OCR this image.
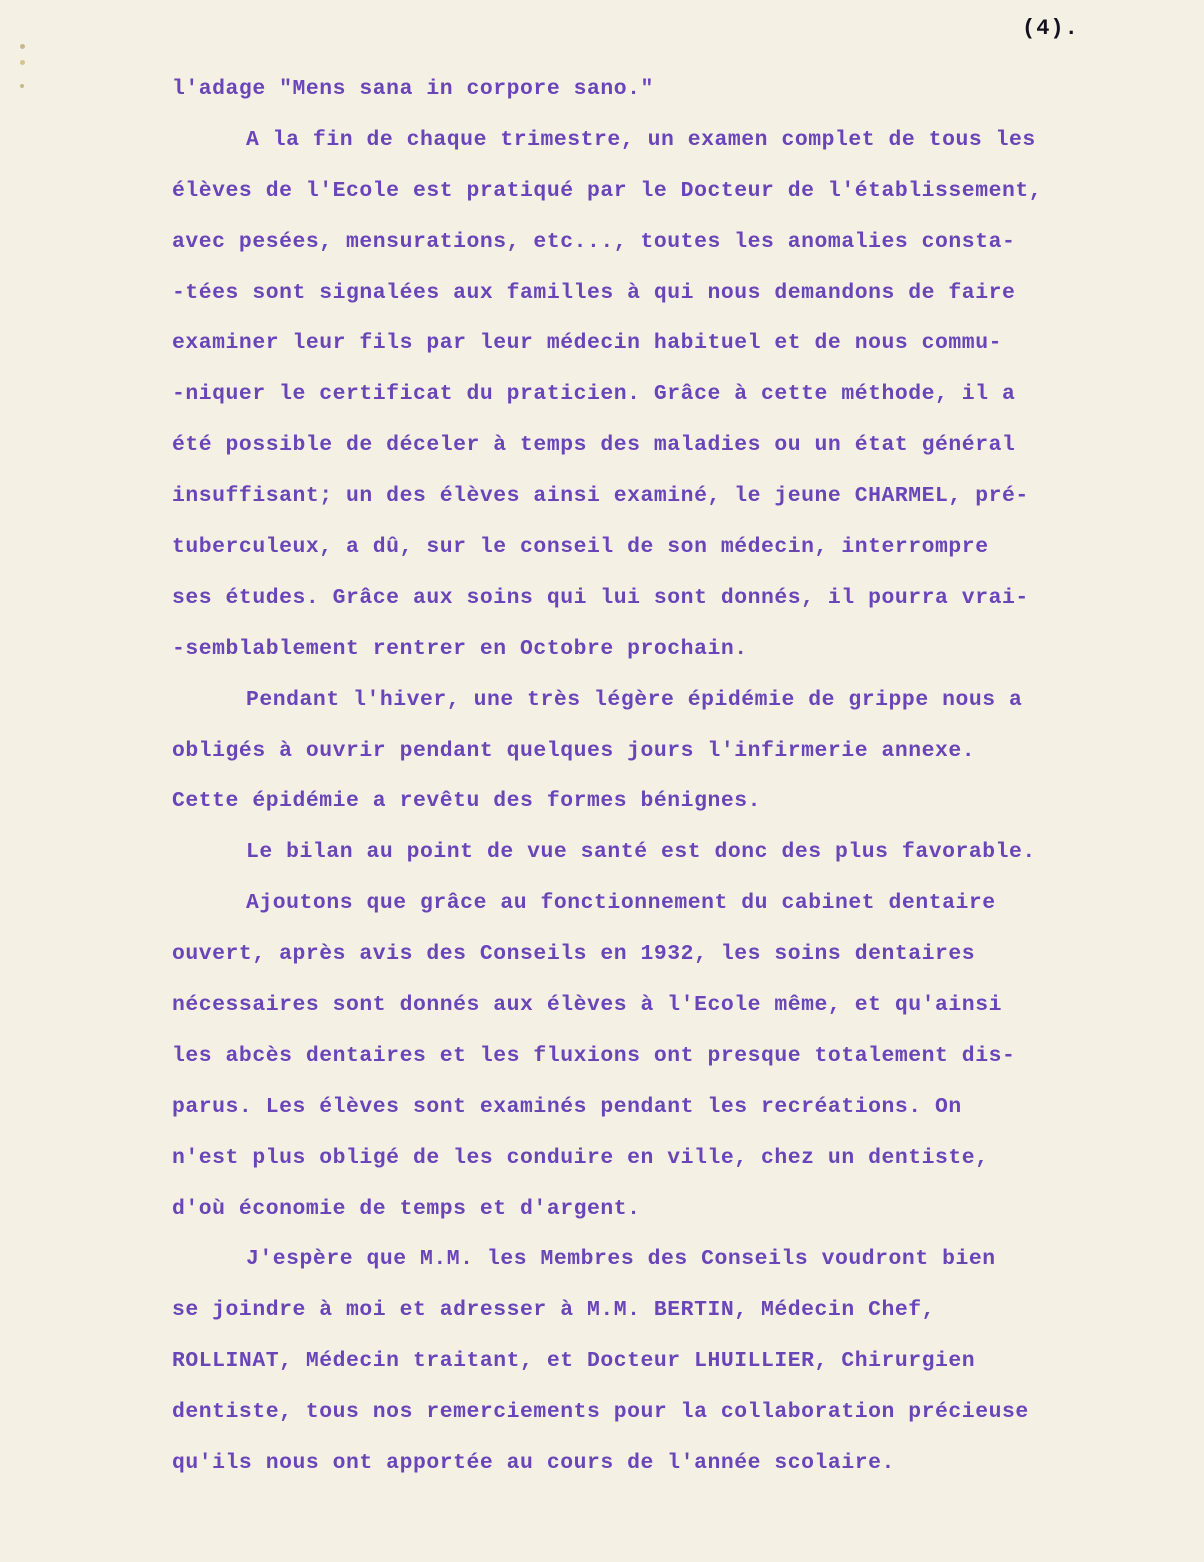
(4).
l'adage "Mens sana in corpore sano."
A la fin de chaque trimestre, un examen complet de tous les
élèves de l'Ecole est pratiqué par le Docteur de l'établissement,
avec pesées, mensurations, etc..., toutes les anomalies consta-
-tées sont signalées aux familles à qui nous demandons de faire
examiner leur fils par leur médecin habituel et de nous commu-
-niquer le certificat du praticien. Grâce à cette méthode, il a
été possible de déceler à temps des maladies ou un état général
insuffisant; un des élèves ainsi examiné, le jeune CHARMEL, pré-
tuberculeux, a dû, sur le conseil de son médecin, interrompre
ses études. Grâce aux soins qui lui sont donnés, il pourra vrai-
-semblablement rentrer en Octobre prochain.
Pendant l'hiver, une très légère épidémie de grippe nous a
obligés à ouvrir pendant quelques jours l'infirmerie annexe.
Cette épidémie a revêtu des formes bénignes.
Le bilan au point de vue santé est donc des plus favorable.
Ajoutons que grâce au fonctionnement du cabinet dentaire
ouvert, après avis des Conseils en 1932, les soins dentaires
nécessaires sont donnés aux élèves à l'Ecole même, et qu'ainsi
les abcès dentaires et les fluxions ont presque totalement dis-
parus. Les élèves sont examinés pendant les recréations. On
n'est plus obligé de les conduire en ville, chez un dentiste,
d'où économie de temps et d'argent.
J'espère que M.M. les Membres des Conseils voudront bien
se joindre à moi et adresser à M.M. BERTIN, Médecin Chef,
ROLLINAT, Médecin traitant, et Docteur LHUILLIER, Chirurgien
dentiste, tous nos remerciements pour la collaboration précieuse
qu'ils nous ont apportée au cours de l'année scolaire.
